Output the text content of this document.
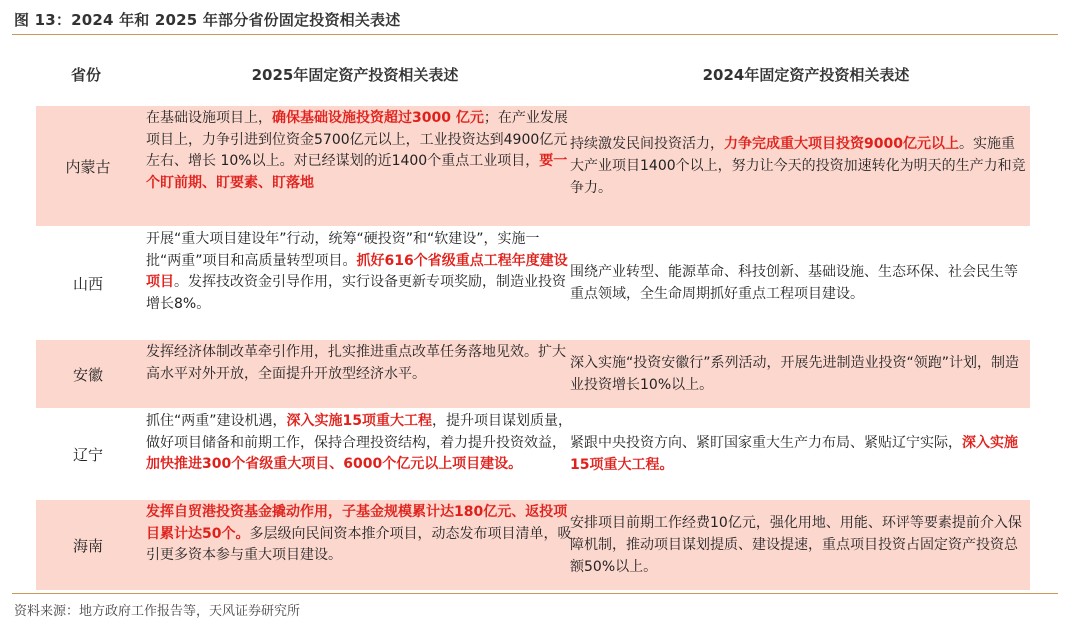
图 13：2024 年和 2025 年部分省份固定投资相关表述
省份	2025年固定资产投资相关表述	2024年固定资产投资相关表述
内蒙古
在基础设施项目上，确保基础设施投资超过3000 亿元；在产业发展项目上，力争引进到位资金5700亿元以上，工业投资达到4900亿元左右、增长 10%以上。对已经谋划的近1400个重点工业项目，要一个盯前期、盯要素、盯落地
持续激发民间投资活力，力争完成重大项目投资9000亿元以上。实施重大产业项目1400个以上，努力让今天的投资加速转化为明天的生产力和竞争力。
山西
开展“重大项目建设年”行动，统筹“硬投资”和“软建设”，实施一批“两重”项目和高质量转型项目。抓好616个省级重点工程年度建设项目。发挥技改资金引导作用，实行设备更新专项奖励，制造业投资增长8%。
围绕产业转型、能源革命、科技创新、基础设施、生态环保、社会民生等重点领域，全生命周期抓好重点工程项目建设。
安徽
发挥经济体制改革牵引作用，扎实推进重点改革任务落地见效。扩大高水平对外开放，全面提升开放型经济水平。
深入实施“投资安徽行”系列活动，开展先进制造业投资“领跑”计划，制造业投资增长10%以上。
辽宁
抓住“两重”建设机遇，深入实施15项重大工程，提升项目谋划质量，做好项目储备和前期工作，保持合理投资结构，着力提升投资效益，加快推进300个省级重大项目、6000个亿元以上项目建设。
紧跟中央投资方向、紧盯国家重大生产力布局、紧贴辽宁实际，深入实施15项重大工程。
海南
发挥自贸港投资基金撬动作用，子基金规模累计达180亿元、返投项目累计达50个。多层级向民间资本推介项目，动态发布项目清单，吸引更多资本参与重大项目建设。
安排项目前期工作经费10亿元，强化用地、用能、环评等要素提前介入保障机制，推动项目谋划提质、建设提速，重点项目投资占固定资产投资总额50%以上。
资料来源：地方政府工作报告等，天风证券研究所
